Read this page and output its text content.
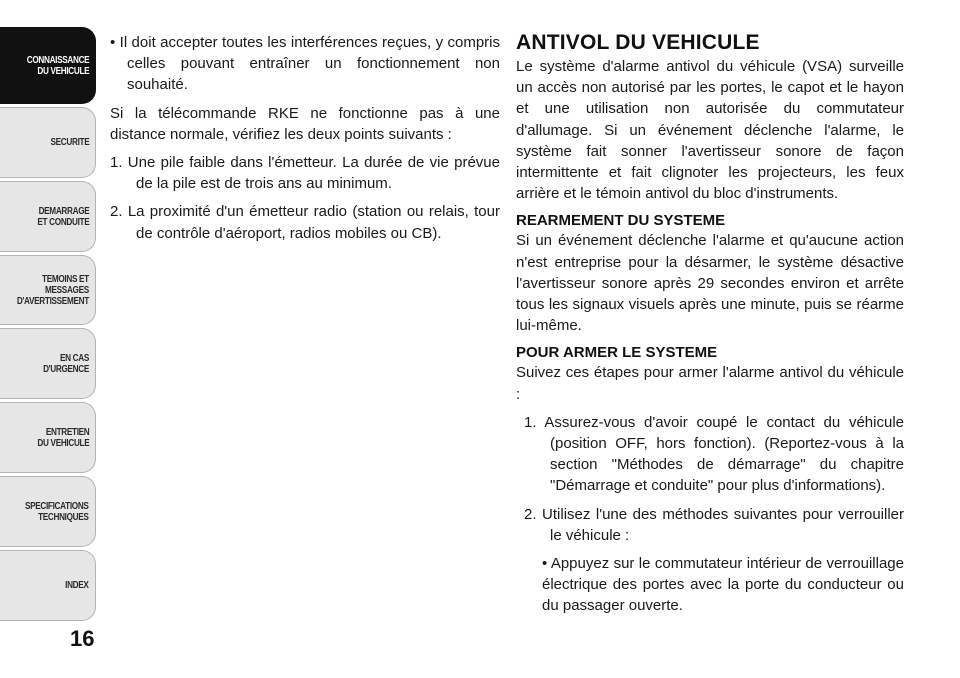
CONNAISSANCE
DU VEHICULE
SECURITE
DEMARRAGE
ET CONDUITE
TEMOINS ET
MESSAGES
D'AVERTISSEMENT
EN CAS
D'URGENCE
ENTRETIEN
DU VEHICULE
SPECIFICATIONS
TECHNIQUES
INDEX
16

• Il doit accepter toutes les interférences reçues, y compris celles pouvant entraîner un fonctionnement non souhaité.

Si la télécommande RKE ne fonctionne pas à une distance normale, vérifiez les deux points suivants :

1. Une pile faible dans l'émetteur. La durée de vie prévue de la pile est de trois ans au minimum.

2. La proximité d'un émetteur radio (station ou relais, tour de contrôle d'aéroport, radios mobiles ou CB).

ANTIVOL DU VEHICULE

Le système d'alarme antivol du véhicule (VSA) surveille un accès non autorisé par les portes, le capot et le hayon et une utilisation non autorisée du commutateur d'allumage. Si un événement déclenche l'alarme, le système fait sonner l'avertisseur sonore de façon intermittente et fait clignoter les projecteurs, les feux arrière et le témoin antivol du bloc d'instruments.

REARMEMENT DU SYSTEME

Si un événement déclenche l'alarme et qu'aucune action n'est entreprise pour la désarmer, le système désactive l'avertisseur sonore après 29 secondes environ et arrête tous les signaux visuels après une minute, puis se réarme lui-même.

POUR ARMER LE SYSTEME

Suivez ces étapes pour armer l'alarme antivol du véhicule :

1. Assurez-vous d'avoir coupé le contact du véhicule (position OFF, hors fonction). (Reportez-vous à la section "Méthodes de démarrage" du chapitre "Démarrage et conduite" pour plus d'informations).

2. Utilisez l'une des méthodes suivantes pour verrouiller le véhicule :

• Appuyez sur le commutateur intérieur de verrouillage électrique des portes avec la porte du conducteur ou du passager ouverte.
